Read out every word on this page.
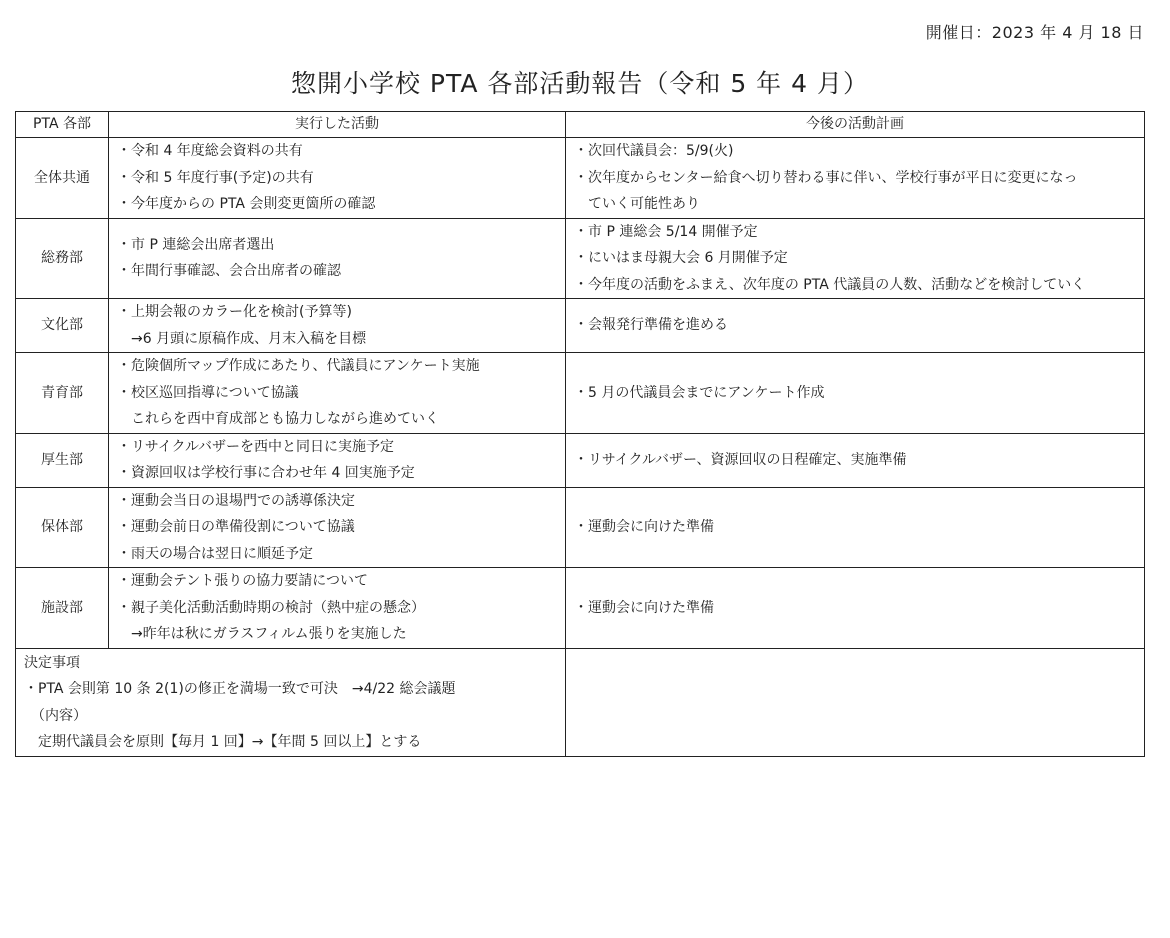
開催日：2023 年 4 月 18 日
惣開小学校 PTA 各部活動報告（令和 5 年 4 月）
PTA 各部	実行した活動	今後の活動計画
全体共通	・令和 4 年度総会資料の共有
・令和 5 年度行事(予定)の共有
・今年度からの PTA 会則変更箇所の確認	・次回代議員会：5/9(火)
・次年度からセンター給食へ切り替わる事に伴い、学校行事が平日に変更になっ
　ていく可能性あり

総務部	・市 P 連総会出席者選出
・年間行事確認、会合出席者の確認	・市 P 連総会 5/14 開催予定
・にいはま母親大会 6 月開催予定
・今年度の活動をふまえ、次年度の PTA 代議員の人数、活動などを検討していく

文化部	・上期会報のカラー化を検討(予算等)
　→6 月頭に原稿作成、月末入稿を目標	・会報発行準備を進める

青育部	・危険個所マップ作成にあたり、代議員にアンケート実施
・校区巡回指導について協議
　これらを西中育成部とも協力しながら進めていく	・5 月の代議員会までにアンケート作成

厚生部	・リサイクルバザーを西中と同日に実施予定
・資源回収は学校行事に合わせ年 4 回実施予定	・リサイクルバザー、資源回収の日程確定、実施準備

保体部	・運動会当日の退場門での誘導係決定
・運動会前日の準備役割について協議
・雨天の場合は翌日に順延予定	・運動会に向けた準備

施設部	・運動会テント張りの協力要請について
・親子美化活動活動時期の検討（熱中症の懸念）
　→昨年は秋にガラスフィルム張りを実施した	・運動会に向けた準備

決定事項
・PTA 会則第 10 条 2(1)の修正を満場一致で可決　→4/22 総会議題
　（内容）
　定期代議員会を原則【毎月 1 回】→【年間 5 回以上】とする		
